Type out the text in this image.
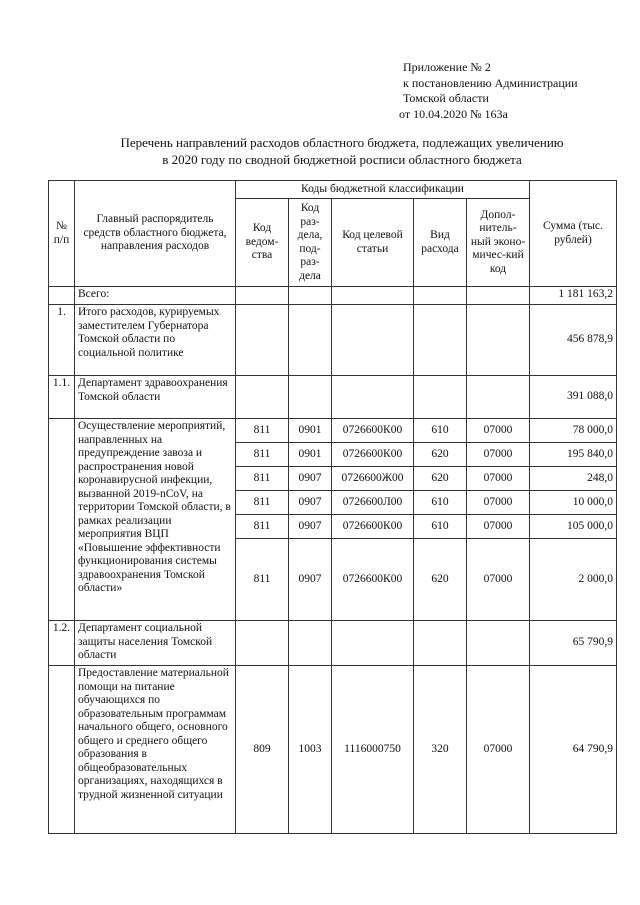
Приложение № 2
к постановлению Администрации
Томской области
от 10.04.2020 № 163а
Перечень направлений расходов областного бюджета, подлежащих увеличению
в 2020 году по сводной бюджетной росписи областного бюджета
№ п/п	Главный распорядитель средств областного бюджета, направления расходов	Коды бюджетной классификации					Сумма (тыс. рублей)
		Код ведом-ства	Код раз-дела, под-раз-дела	Код целевой статьи	Вид расхода	Допол-нитель-ный эконо-мичес-кий код	
	Всего:						1 181 163,2
1.	Итого расходов, курируемых заместителем Губернатора Томской области по социальной политике						456 878,9
1.1.	Департамент здравоохранения Томской области						391 088,0
	Осуществление мероприятий, направленных на предупреждение завоза и распространения новой коронавирусной инфекции, вызванной 2019-nCoV, на территории Томской области, в рамках реализации мероприятия ВЦП «Повышение эффективности функционирования системы здравоохранения Томской области»	811	0901	0726600К00	610	07000	78 000,0
		811	0901	0726600К00	620	07000	195 840,0
		811	0907	0726600Ж00	620	07000	248,0
		811	0907	0726600Л00	610	07000	10 000,0
		811	0907	0726600К00	610	07000	105 000,0
		811	0907	0726600К00	620	07000	2 000,0
1.2.	Департамент социальной защиты населения Томской области						65 790,9
	Предоставление материальной помощи на питание обучающихся по образовательным программам начального общего, основного общего и среднего общего образования в общеобразовательных организациях, находящихся в трудной жизненной ситуации	809	1003	1116000750	320	07000	64 790,9
